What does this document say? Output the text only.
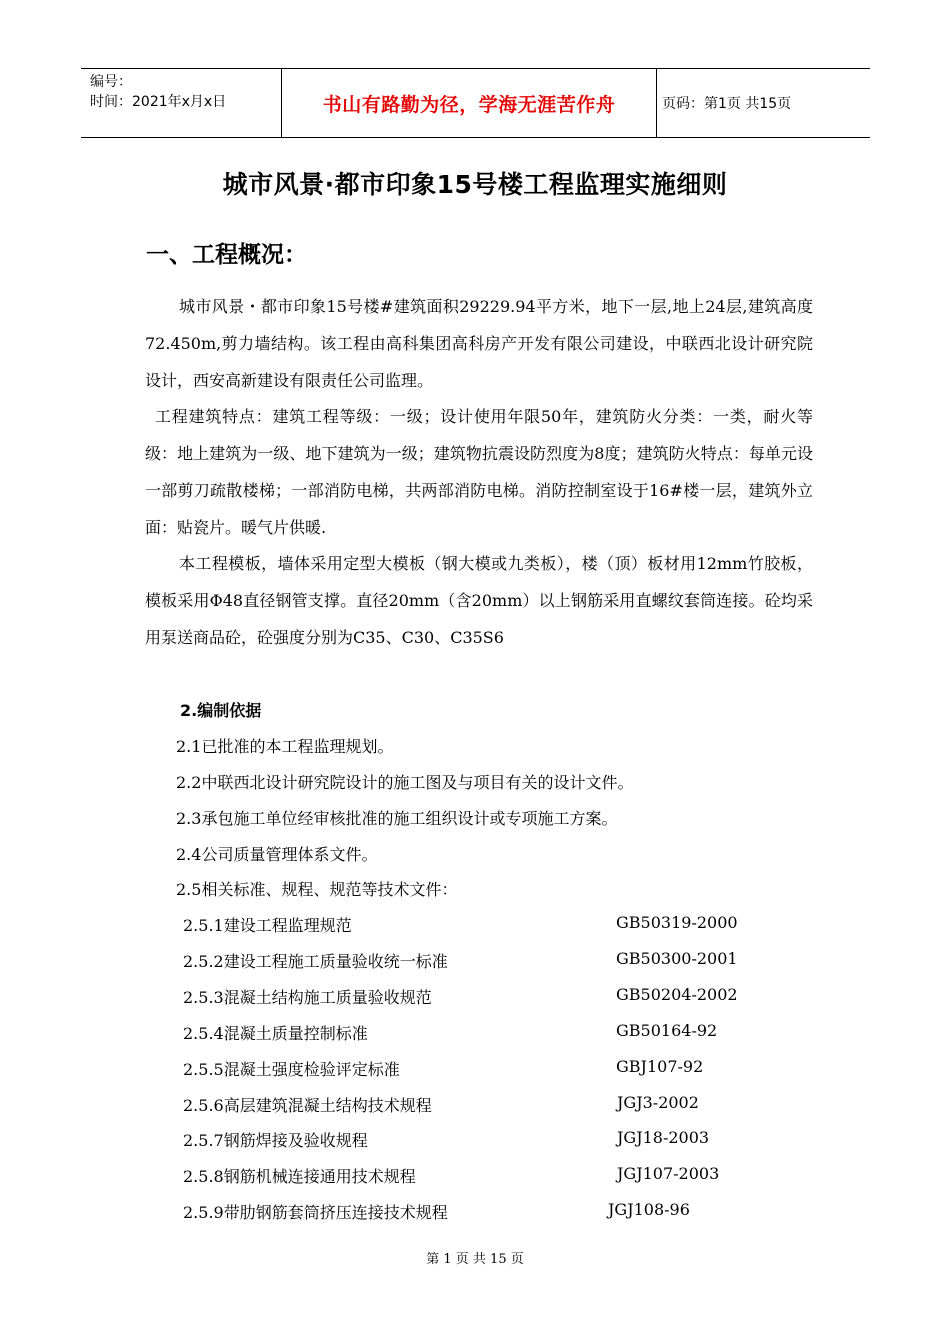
编号：
时间：2021年x月x日	书山有路勤为径，学海无涯苦作舟	页码：第1页 共15页
城市风景·都市印象15号楼工程监理实施细则
一、工程概况：
城市风景・都市印象15号楼#建筑面积29229.94平方米，地下一层,地上24层,建筑高度72.450m,剪力墙结构。该工程由高科集团高科房产开发有限公司建设，中联西北设计研究院设计，西安高新建设有限责任公司监理。
工程建筑特点：建筑工程等级：一级；设计使用年限50年，建筑防火分类：一类，耐火等级：地上建筑为一级、地下建筑为一级；建筑物抗震设防烈度为8度；建筑防火特点：每单元设一部剪刀疏散楼梯；一部消防电梯，共两部消防电梯。消防控制室设于16#楼一层，建筑外立面：贴瓷片。暖气片供暖.
本工程模板，墙体采用定型大模板（钢大模或九类板），楼（顶）板材用12mm竹胶板，模板采用Φ48直径钢管支撑。直径20mm（含20mm）以上钢筋采用直螺纹套筒连接。砼均采用泵送商品砼，砼强度分别为C35、C30、C35S6
2.编制依据
2.1已批准的本工程监理规划。
2.2中联西北设计研究院设计的施工图及与项目有关的设计文件。
2.3承包施工单位经审核批准的施工组织设计或专项施工方案。
2.4公司质量管理体系文件。
2.5相关标准、规程、规范等技术文件：
2.5.1建设工程监理规范	GB50319-2000
2.5.2建设工程施工质量验收统一标准	GB50300-2001
2.5.3混凝土结构施工质量验收规范	GB50204-2002
2.5.4混凝土质量控制标准	GB50164-92
2.5.5混凝土强度检验评定标准	GBJ107-92
2.5.6高层建筑混凝土结构技术规程	JGJ3-2002
2.5.7钢筋焊接及验收规程	JGJ18-2003
2.5.8钢筋机械连接通用技术规程	JGJ107-2003
2.5.9带肋钢筋套筒挤压连接技术规程	JGJ108-96
第 1 页 共 15 页
